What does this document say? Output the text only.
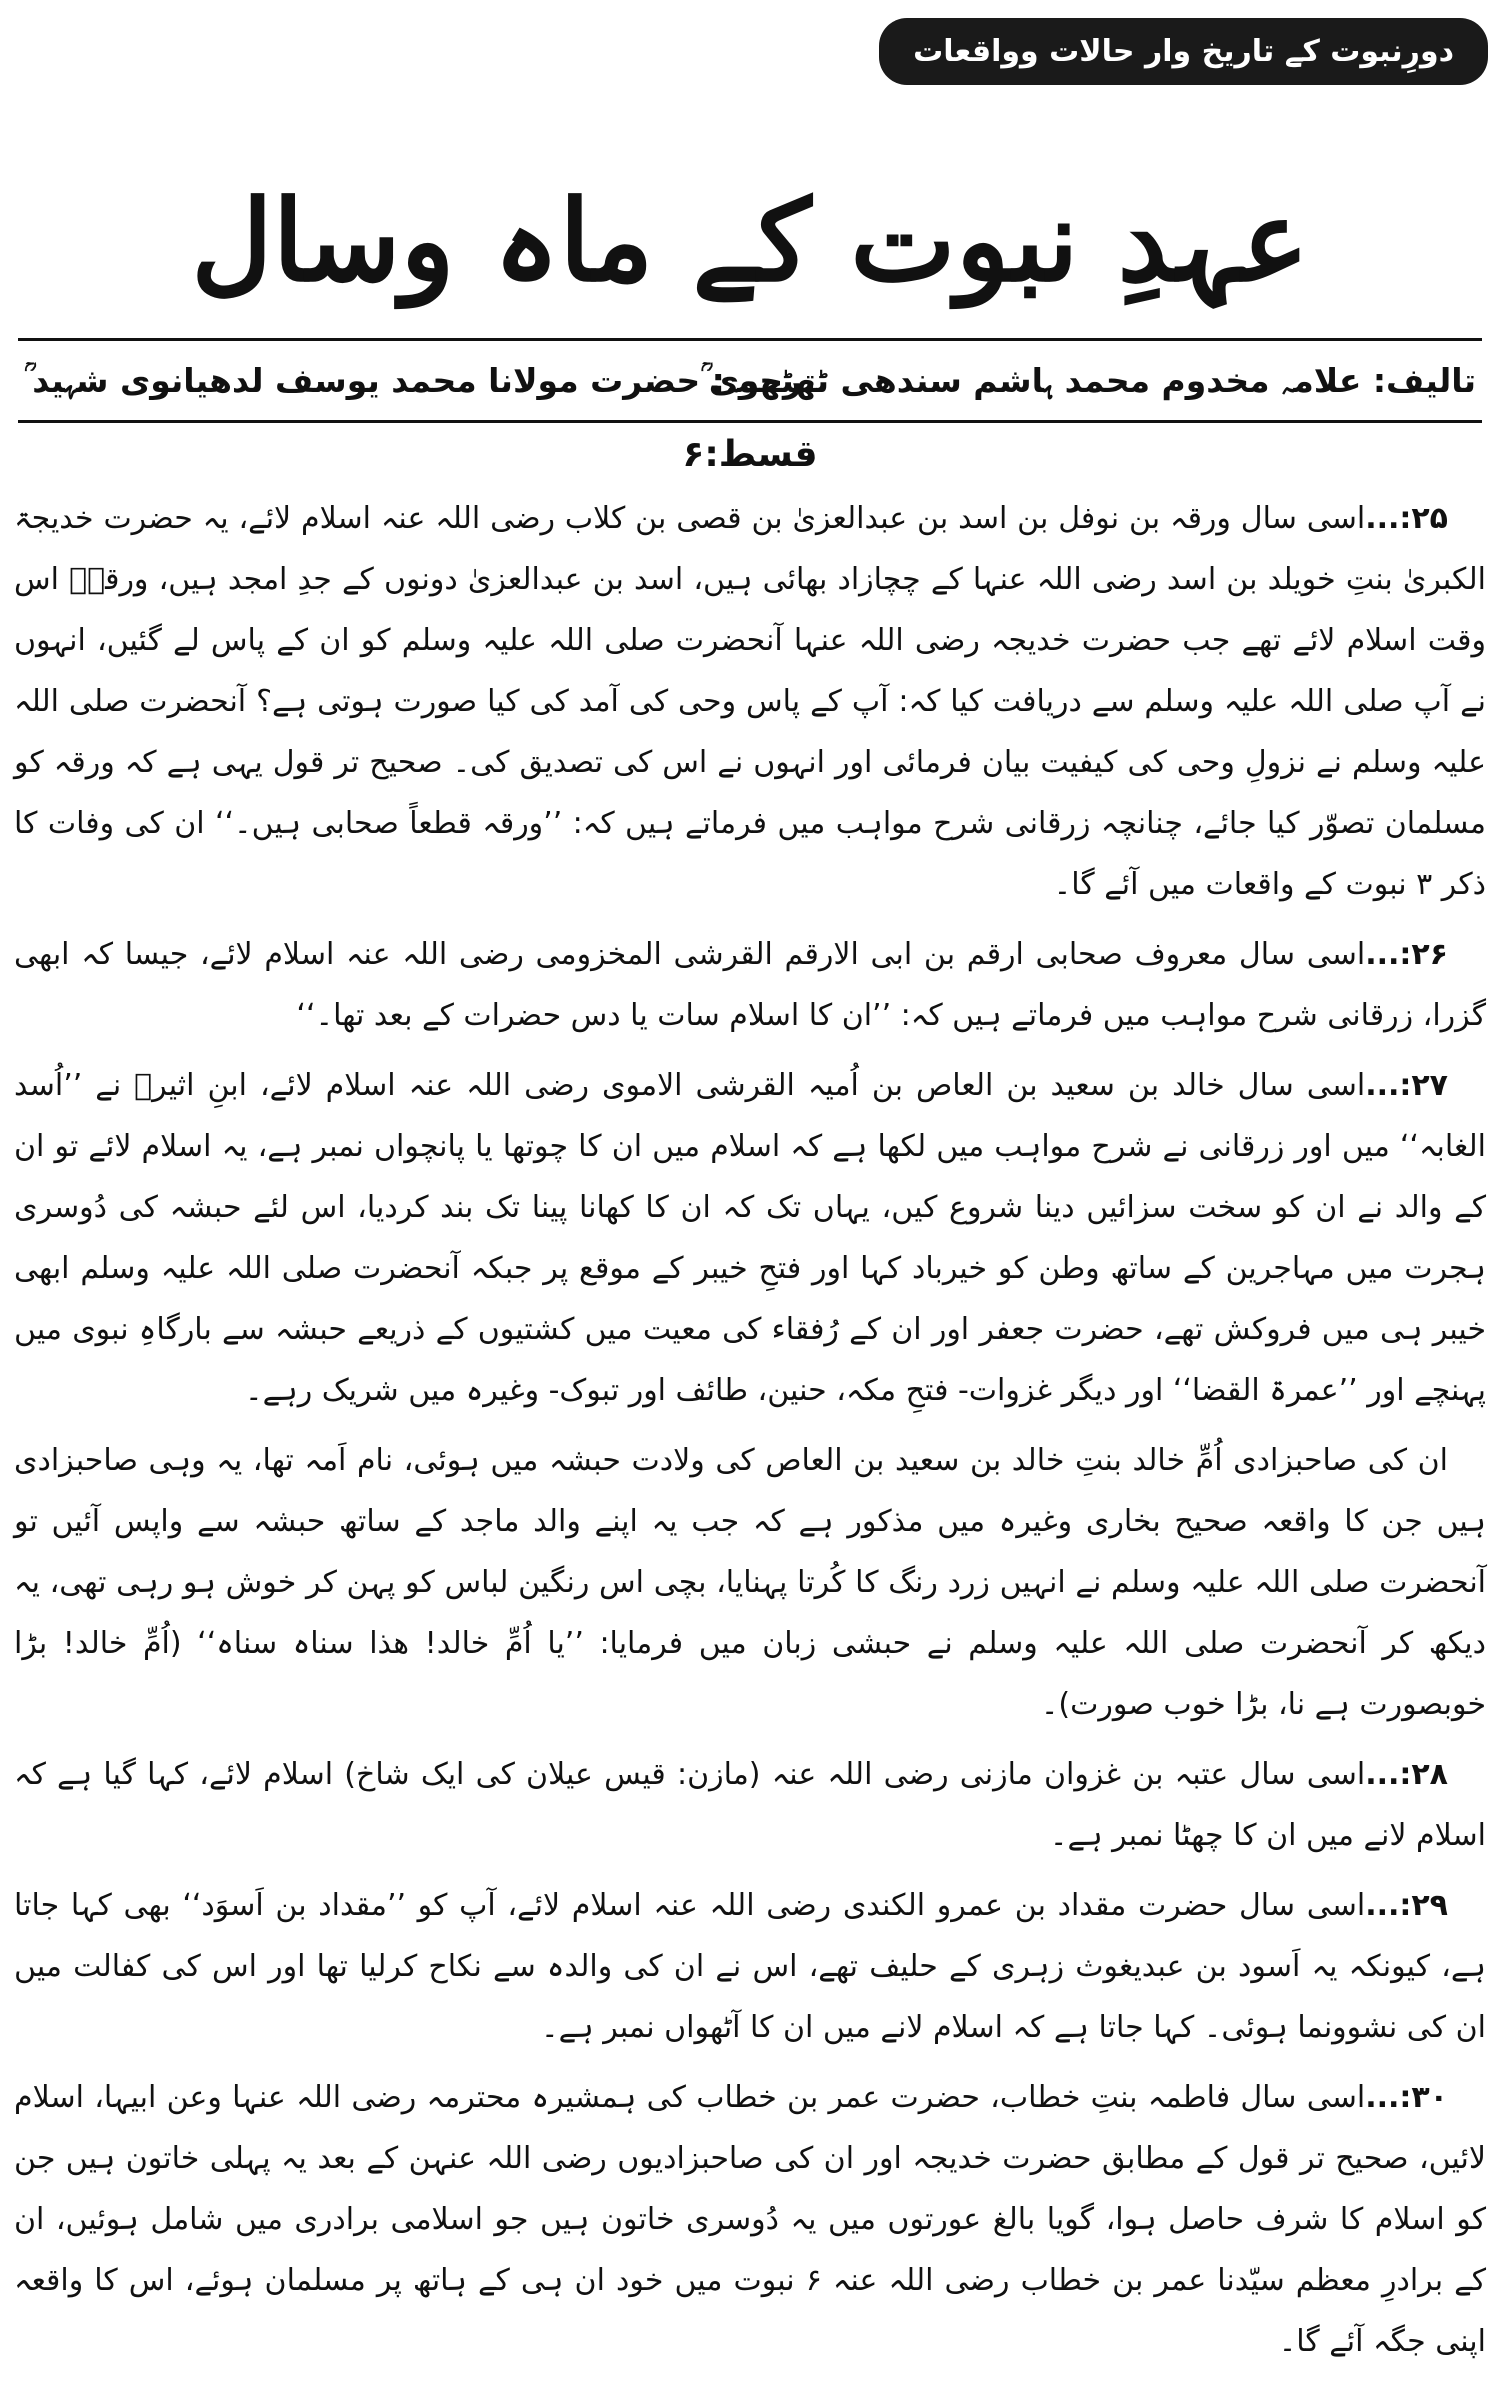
دورِنبوت کے تاریخ وار حالات وواقعات
عہدِ نبوت کے ماہ وسال
تالیف: علامہ مخدوم محمد ہاشم سندھی ٹھٹھوی ؒ
ترجمہ: حضرت مولانا محمد یوسف لدھیانوی شہید ؒ
قسط:۶

۲۵:...اسی سال ورقہ بن نوفل بن اسد بن عبدالعزیٰ بن قصی بن کلاب رضی اللہ عنہ اسلام لائے، یہ حضرت خدیجۃ الکبریٰ بنتِ خویلد بن اسد رضی اللہ عنہا کے چچازاد بھائی ہیں، اسد بن عبدالعزیٰ دونوں کے جدِ امجد ہیں، ورقہؓ اس وقت اسلام لائے تھے جب حضرت خدیجہ رضی اللہ عنہا آنحضرت صلی اللہ علیہ وسلم کو ان کے پاس لے گئیں، انہوں نے آپ صلی اللہ علیہ وسلم سے دریافت کیا کہ: آپ کے پاس وحی کی آمد کی کیا صورت ہوتی ہے؟ آنحضرت صلی اللہ علیہ وسلم نے نزولِ وحی کی کیفیت بیان فرمائی اور انہوں نے اس کی تصدیق کی۔ صحیح تر قول یہی ہے کہ ورقہ کو مسلمان تصوّر کیا جائے، چنانچہ زرقانی شرح مواہب میں فرماتے ہیں کہ: ’’ورقہ قطعاً صحابی ہیں۔‘‘ ان کی وفات کا ذکر ۳ نبوت کے واقعات میں آئے گا۔

۲۶:...اسی سال معروف صحابی ارقم بن ابی الارقم القرشی المخزومی رضی اللہ عنہ اسلام لائے، جیسا کہ ابھی گزرا، زرقانی شرح مواہب میں فرماتے ہیں کہ: ’’ان کا اسلام سات یا دس حضرات کے بعد تھا۔‘‘

۲۷:...اسی سال خالد بن سعید بن العاص بن اُمیہ القرشی الاموی رضی اللہ عنہ اسلام لائے، ابنِ اثیرؒ نے ’’اُسد الغابہ‘‘ میں اور زرقانی نے شرح مواہب میں لکھا ہے کہ اسلام میں ان کا چوتھا یا پانچواں نمبر ہے، یہ اسلام لائے تو ان کے والد نے ان کو سخت سزائیں دینا شروع کیں، یہاں تک کہ ان کا کھانا پینا تک بند کردیا، اس لئے حبشہ کی دُوسری ہجرت میں مہاجرین کے ساتھ وطن کو خیرباد کہا اور فتحِ خیبر کے موقع پر جبکہ آنحضرت صلی اللہ علیہ وسلم ابھی خیبر ہی میں فروکش تھے، حضرت جعفر اور ان کے رُفقاء کی معیت میں کشتیوں کے ذریعے حبشہ سے بارگاہِ نبوی میں پہنچے اور ’’عمرۃ القضا‘‘ اور دیگر غزوات- فتحِ مکہ، حنین، طائف اور تبوک- وغیرہ میں شریک رہے۔

ان کی صاحبزادی اُمِّ خالد بنتِ خالد بن سعید بن العاص کی ولادت حبشہ میں ہوئی، نام اَمہ تھا، یہ وہی صاحبزادی ہیں جن کا واقعہ صحیح بخاری وغیرہ میں مذکور ہے کہ جب یہ اپنے والد ماجد کے ساتھ حبشہ سے واپس آئیں تو آنحضرت صلی اللہ علیہ وسلم نے انہیں زرد رنگ کا کُرتا پہنایا، بچی اس رنگین لباس کو پہن کر خوش ہو رہی تھی، یہ دیکھ کر آنحضرت صلی اللہ علیہ وسلم نے حبشی زبان میں فرمایا: ’’یا اُمِّ خالد! ھذا سناہ سناہ‘‘ (اُمِّ خالد! بڑا خوبصورت ہے نا، بڑا خوب صورت)۔

۲۸:...اسی سال عتبہ بن غزوان مازنی رضی اللہ عنہ (مازن: قیس عیلان کی ایک شاخ) اسلام لائے، کہا گیا ہے کہ اسلام لانے میں ان کا چھٹا نمبر ہے۔

۲۹:...اسی سال حضرت مقداد بن عمرو الکندی رضی اللہ عنہ اسلام لائے، آپ کو ’’مقداد بن اَسوَد‘‘ بھی کہا جاتا ہے، کیونکہ یہ اَسود بن عبدیغوث زہری کے حلیف تھے، اس نے ان کی والدہ سے نکاح کرلیا تھا اور اس کی کفالت میں ان کی نشوونما ہوئی۔ کہا جاتا ہے کہ اسلام لانے میں ان کا آٹھواں نمبر ہے۔

۳۰:...اسی سال فاطمہ بنتِ خطاب، حضرت عمر بن خطاب کی ہمشیرہ محترمہ رضی اللہ عنہا وعن ابیہا، اسلام لائیں، صحیح تر قول کے مطابق حضرت خدیجہ اور ان کی صاحبزادیوں رضی اللہ عنہن کے بعد یہ پہلی خاتون ہیں جن کو اسلام کا شرف حاصل ہوا، گویا بالغ عورتوں میں یہ دُوسری خاتون ہیں جو اسلامی برادری میں شامل ہوئیں، ان کے برادرِ معظم سیّدنا عمر بن خطاب رضی اللہ عنہ ۶ نبوت میں خود ان ہی کے ہاتھ پر مسلمان ہوئے، اس کا واقعہ اپنی جگہ آئے گا۔
